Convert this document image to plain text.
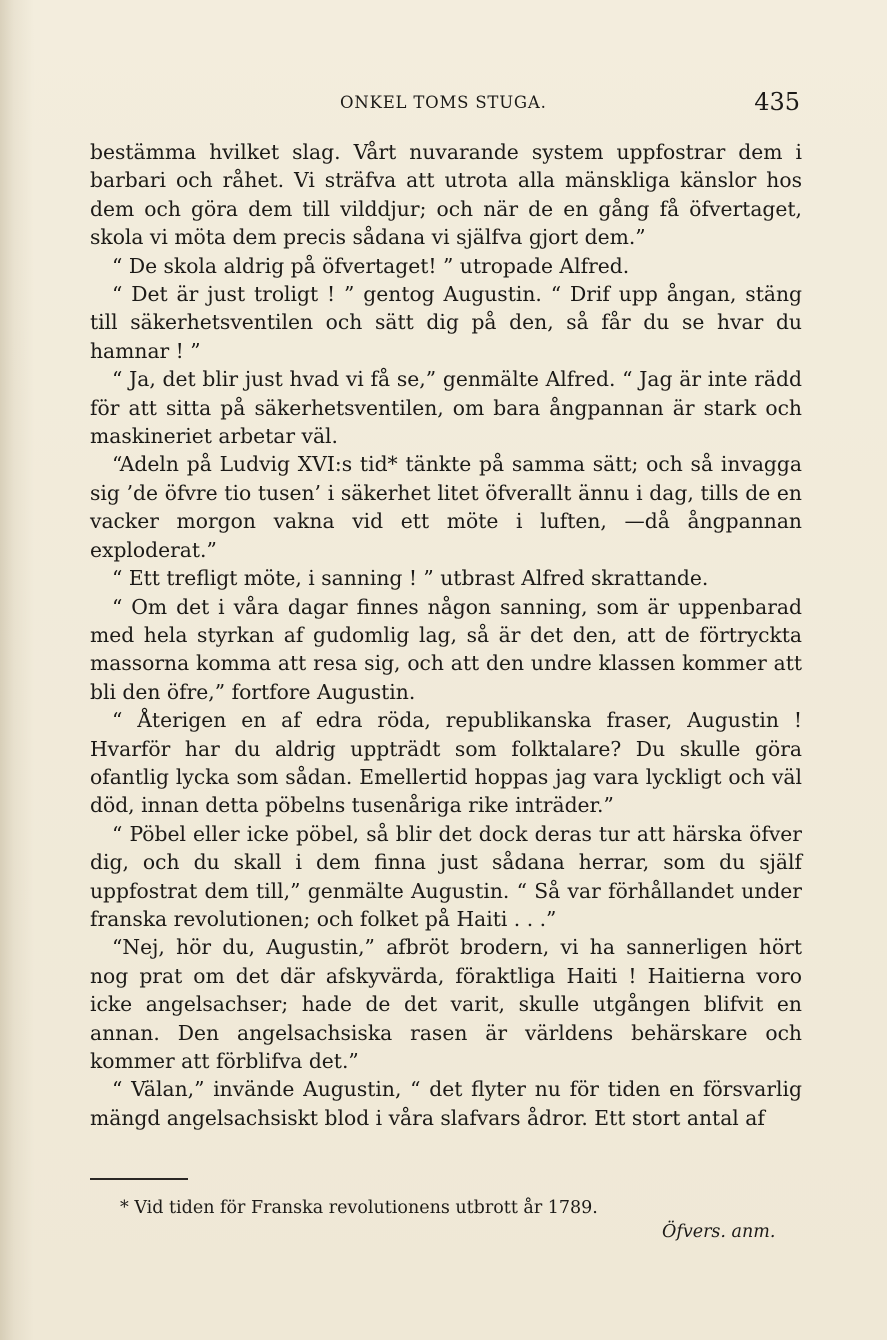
ONKEL TOMS STUGA.	435

bestämma hvilket slag. Vårt nuvarande system uppfostrar dem i barbari och råhet. Vi sträfva att utrota alla mänskliga känslor hos dem och göra dem till vilddjur; och när de en gång få öfvertaget, skola vi möta dem precis sådana vi själfva gjort dem.”

“ De skola aldrig på öfvertaget! ” utropade Alfred.

“ Det är just troligt ! ” gentog Augustin. “ Drif upp ångan, stäng till säkerhetsventilen och sätt dig på den, så får du se hvar du hamnar ! ”

“ Ja, det blir just hvad vi få se,” genmälte Alfred. “ Jag är inte rädd för att sitta på säkerhetsventilen, om bara ångpannan är stark och maskineriet arbetar väl.

“Adeln på Ludvig XVI:s tid* tänkte på samma sätt; och så invagga sig ’de öfvre tio tusen’ i säkerhet litet öfverallt ännu i dag, tills de en vacker morgon vakna vid ett möte i luften, —då ångpannan exploderat.”

“ Ett trefligt möte, i sanning ! ” utbrast Alfred skrattande.

“ Om det i våra dagar finnes någon sanning, som är uppenbarad med hela styrkan af gudomlig lag, så är det den, att de förtryckta massorna komma att resa sig, och att den undre klassen kommer att bli den öfre,” fortfore Augustin.

“ Återigen en af edra röda, republikanska fraser, Augustin ! Hvarför har du aldrig uppträdt som folktalare? Du skulle göra ofantlig lycka som sådan. Emellertid hoppas jag vara lyckligt och väl död, innan detta pöbelns tusenåriga rike inträder.”

“ Pöbel eller icke pöbel, så blir det dock deras tur att härska öfver dig, och du skall i dem finna just sådana herrar, som du själf uppfostrat dem till,” genmälte Augustin. “ Så var förhållandet under franska revolutionen; och folket på Haiti . . .”

“Nej, hör du, Augustin,” afbröt brodern, vi ha sannerligen hört nog prat om det där afskyvärda, föraktliga Haiti ! Haitierna voro icke angelsachser; hade de det varit, skulle utgången blifvit en annan. Den angelsachsiska rasen är världens behärskare och kommer att förblifva det.”

“ Välan,” invände Augustin, “ det flyter nu för tiden en försvarlig mängd angelsachsiskt blod i våra slafvars ådror. Ett stort antal af

* Vid tiden för Franska revolutionens utbrott år 1789.
Öfvers. anm.
